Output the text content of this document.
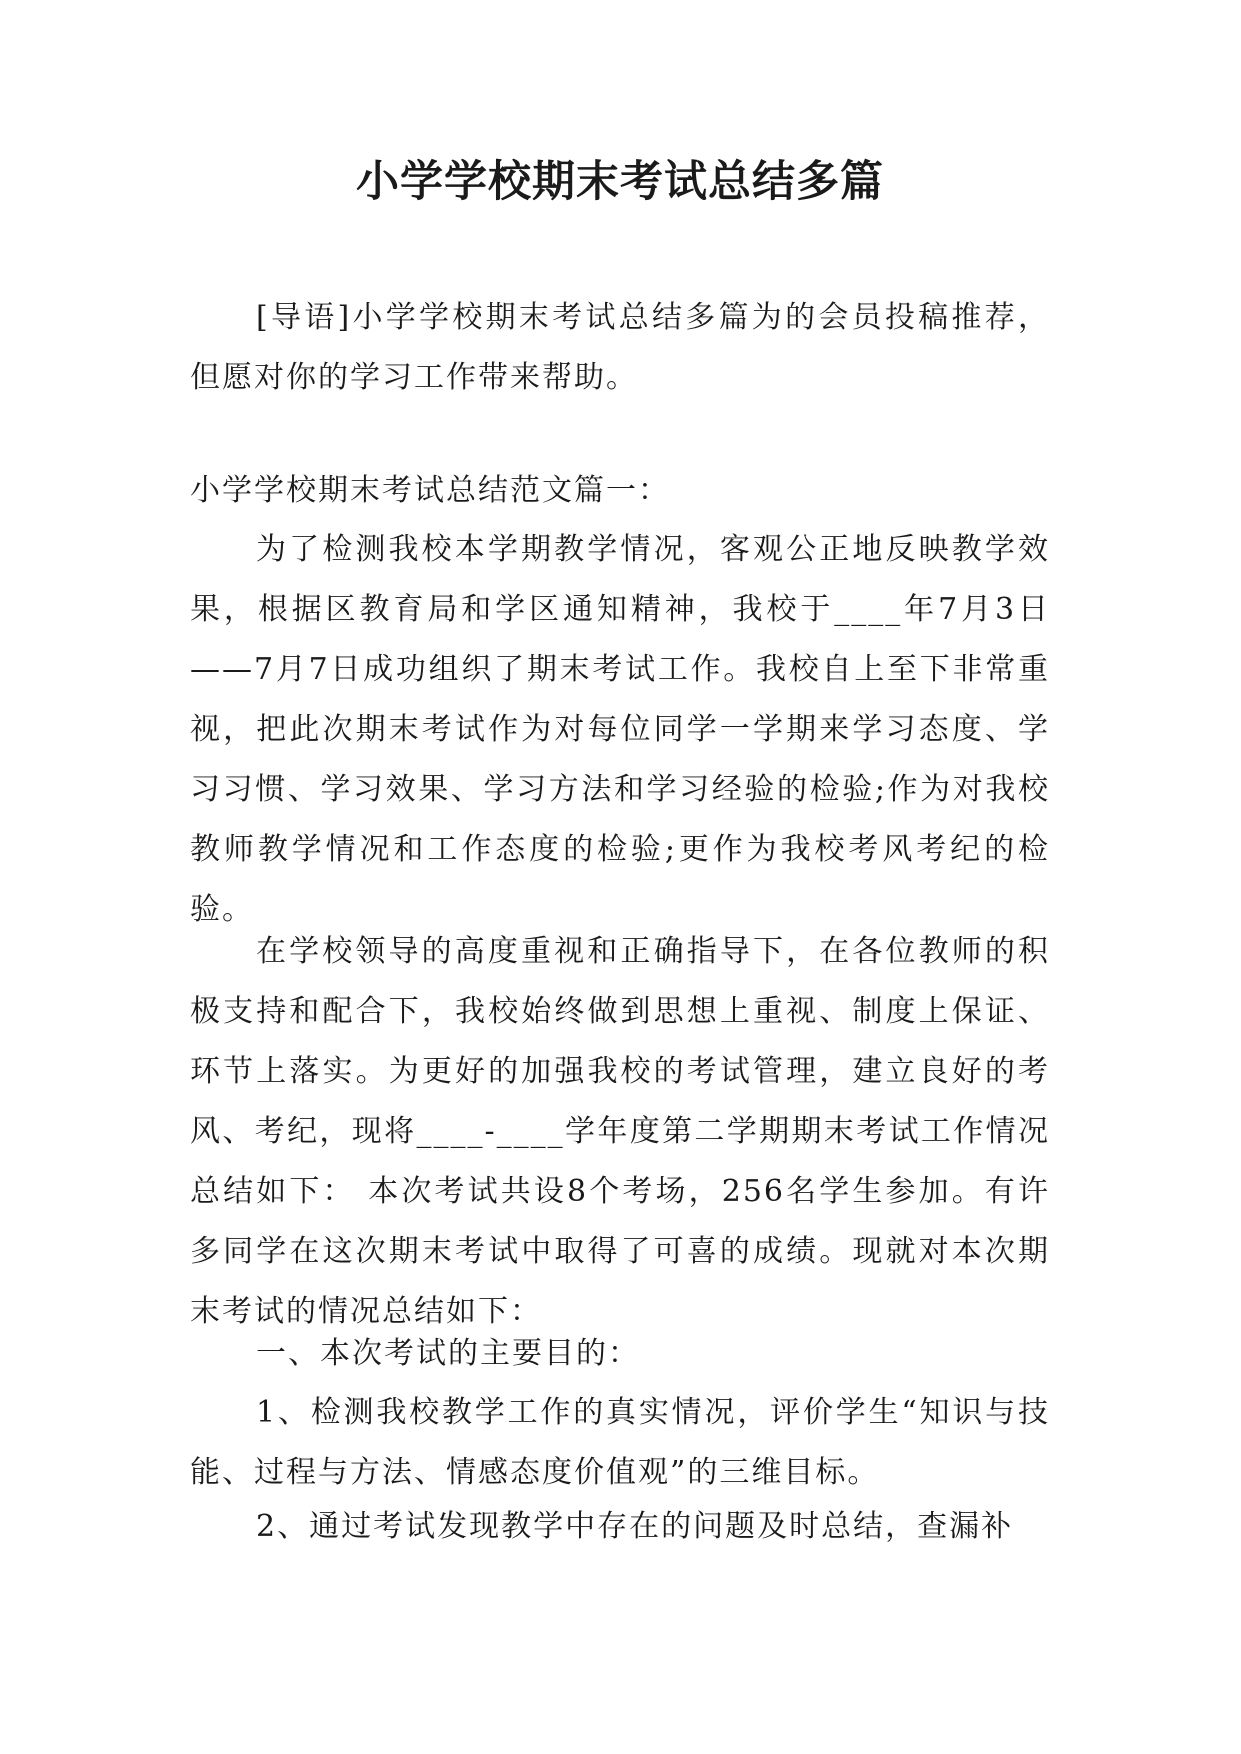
小学学校期末考试总结多篇

[导语]小学学校期末考试总结多篇为的会员投稿推荐，但愿对你的学习工作带来帮助。

小学学校期末考试总结范文篇一：

为了检测我校本学期教学情况，客观公正地反映教学效果，根据区教育局和学区通知精神，我校于____年7月3日——7月7日成功组织了期末考试工作。我校自上至下非常重视，把此次期末考试作为对每位同学一学期来学习态度、学习习惯、学习效果、学习方法和学习经验的检验;作为对我校教师教学情况和工作态度的检验;更作为我校考风考纪的检验。

在学校领导的高度重视和正确指导下，在各位教师的积极支持和配合下，我校始终做到思想上重视、制度上保证、环节上落实。为更好的加强我校的考试管理，建立良好的考风、考纪，现将____-____学年度第二学期期末考试工作情况总结如下： 本次考试共设8个考场，256名学生参加。有许多同学在这次期末考试中取得了可喜的成绩。现就对本次期末考试的情况总结如下：

一、本次考试的主要目的：

1、检测我校教学工作的真实情况，评价学生“知识与技能、过程与方法、情感态度价值观”的三维目标。

2、通过考试发现教学中存在的问题及时总结，查漏补
